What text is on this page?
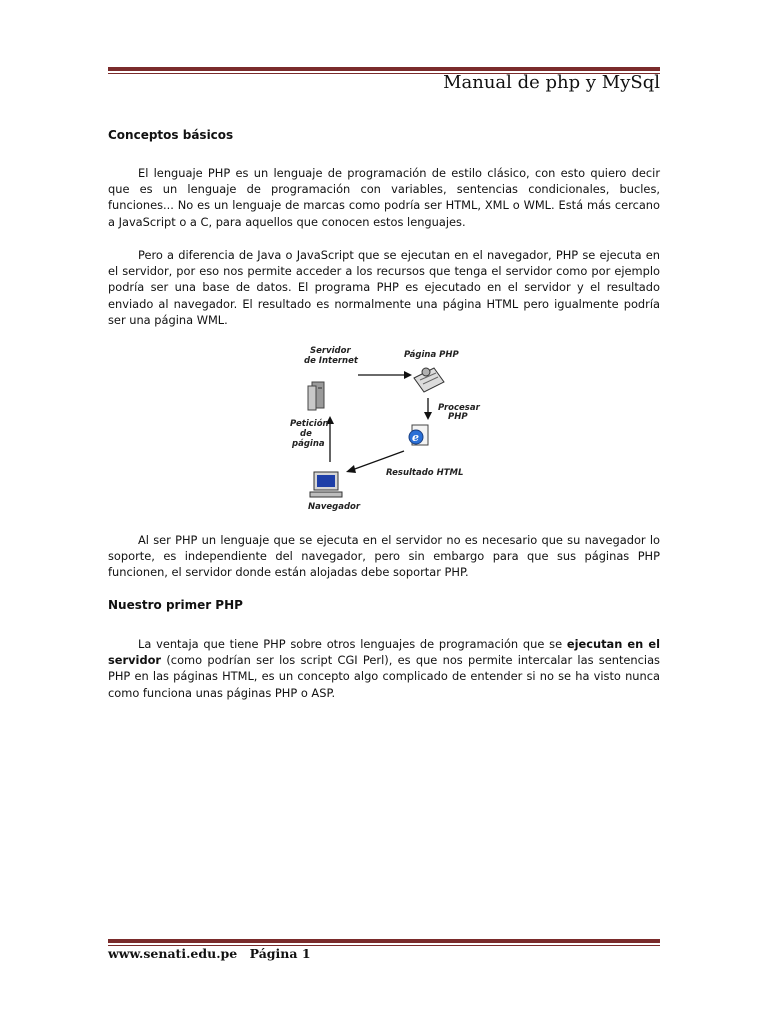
Manual de php y MySql
Conceptos básicos
El lenguaje PHP es un lenguaje de programación de estilo clásico, con esto quiero decir que es un lenguaje de programación con variables, sentencias condicionales, bucles, funciones... No es un lenguaje de marcas como podría ser HTML, XML o WML. Está más cercano a JavaScript o a C, para aquellos que conocen estos lenguajes.
Pero a diferencia de Java o JavaScript que se ejecutan en el navegador, PHP se ejecuta en el servidor, por eso nos permite acceder a los recursos que tenga el servidor como por ejemplo podría ser una base de datos. El programa PHP es ejecutado en el servidor y el resultado enviado al navegador. El resultado es normalmente una página HTML pero igualmente podría ser una página WML.
Servidor
de Internet
Página PHP
Procesar
PHP
e
Resultado HTML
Petición
de
página
Navegador
Al ser PHP un lenguaje que se ejecuta en el servidor no es necesario que su navegador lo soporte, es independiente del navegador, pero sin embargo para que sus páginas PHP funcionen, el servidor donde están alojadas debe soportar PHP.
Nuestro primer PHP
La ventaja que tiene PHP sobre otros lenguajes de programación que se ejecutan en el servidor (como podrían ser los script CGI Perl), es que nos permite intercalar las sentencias PHP en las páginas HTML, es un concepto algo complicado de entender si no se ha visto nunca como funciona unas páginas PHP o ASP.
www.senati.edu.pe Página 1
